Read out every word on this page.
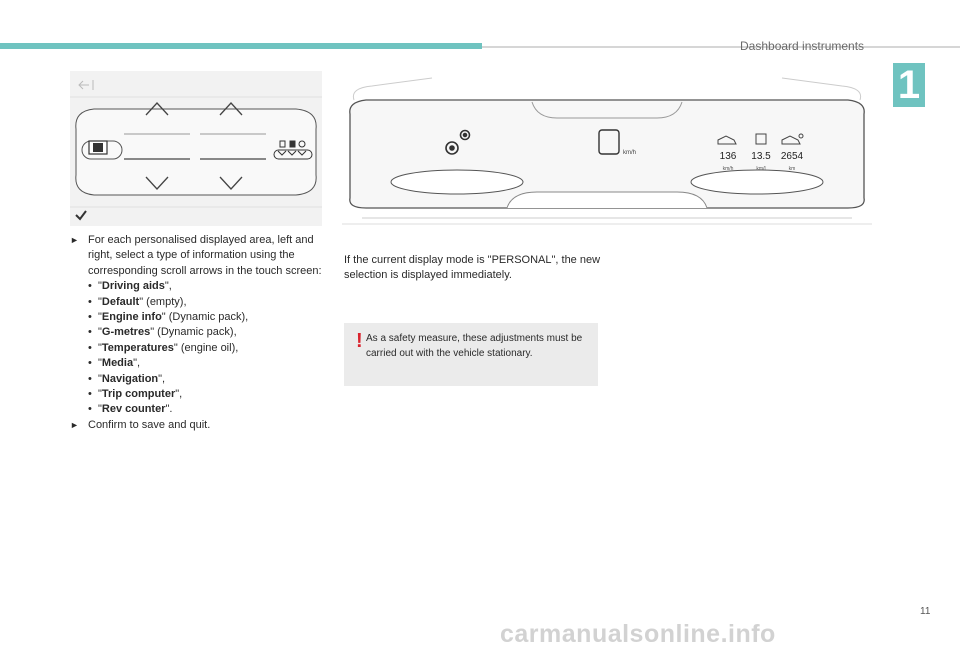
Dashboard instruments
1
km/h	136 13.5 2654
km/h	km/l	km
► For each personalised displayed area, left and right, select a type of information using the corresponding scroll arrows in the touch screen:
• "Driving aids",
• "Default" (empty),
• "Engine info" (Dynamic pack),
• "G-metres" (Dynamic pack),
• "Temperatures" (engine oil),
• "Media",
• "Navigation",
• "Trip computer",
• "Rev counter".
► Confirm to save and quit.
If the current display mode is "PERSONAL", the new selection is displayed immediately.
! As a safety measure, these adjustments must be carried out with the vehicle stationary.
11
carmanualsonline.info
